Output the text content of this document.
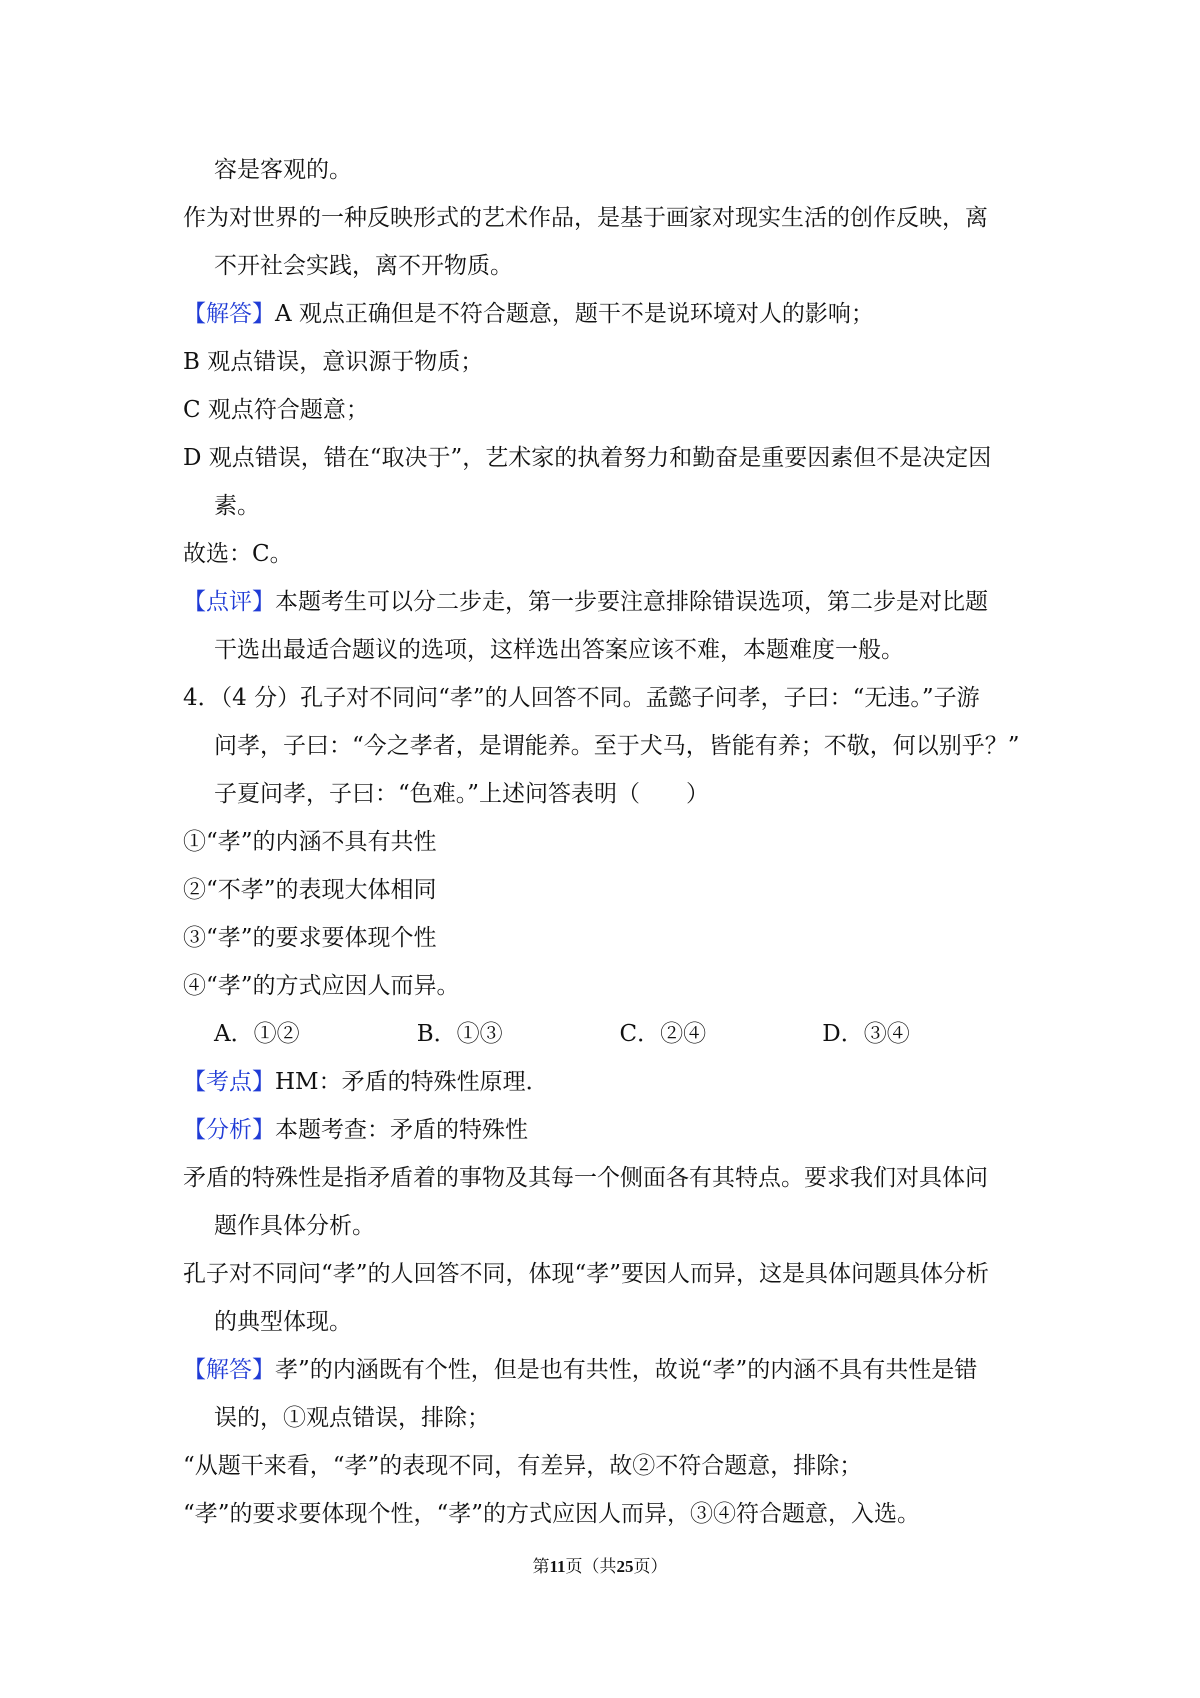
容是客观的。
作为对世界的一种反映形式的艺术作品，是基于画家对现实生活的创作反映，离
不开社会实践，离不开物质。
【解答】A 观点正确但是不符合题意，题干不是说环境对人的影响；
B 观点错误，意识源于物质；
C 观点符合题意；
D 观点错误，错在“取决于”，艺术家的执着努力和勤奋是重要因素但不是决定因
素。
故选：C。
【点评】本题考生可以分二步走，第一步要注意排除错误选项，第二步是对比题
干选出最适合题议的选项，这样选出答案应该不难，本题难度一般。
4．（4 分）孔子对不同问“孝”的人回答不同。孟懿子问孝，子曰：“无违。”子游
问孝，子曰：“今之孝者，是谓能养。至于犬马，皆能有养；不敬，何以别乎？”
子夏问孝，子曰：“色难。”上述问答表明（　　）
①“孝”的内涵不具有共性
②“不孝”的表现大体相同
③“孝”的要求要体现个性
④“孝”的方式应因人而异。
A．①②	B．①③	C．②④	D．③④
【考点】HM：矛盾的特殊性原理．
【分析】本题考查：矛盾的特殊性
矛盾的特殊性是指矛盾着的事物及其每一个侧面各有其特点。要求我们对具体问
题作具体分析。
孔子对不同问“孝”的人回答不同，体现“孝”要因人而异，这是具体问题具体分析
的典型体现。
【解答】孝”的内涵既有个性，但是也有共性，故说“孝”的内涵不具有共性是错
误的，①观点错误，排除；
“从题干来看，“孝”的表现不同，有差异，故②不符合题意，排除；
“孝”的要求要体现个性，“孝”的方式应因人而异，③④符合题意，入选。
第11页（共25页）
